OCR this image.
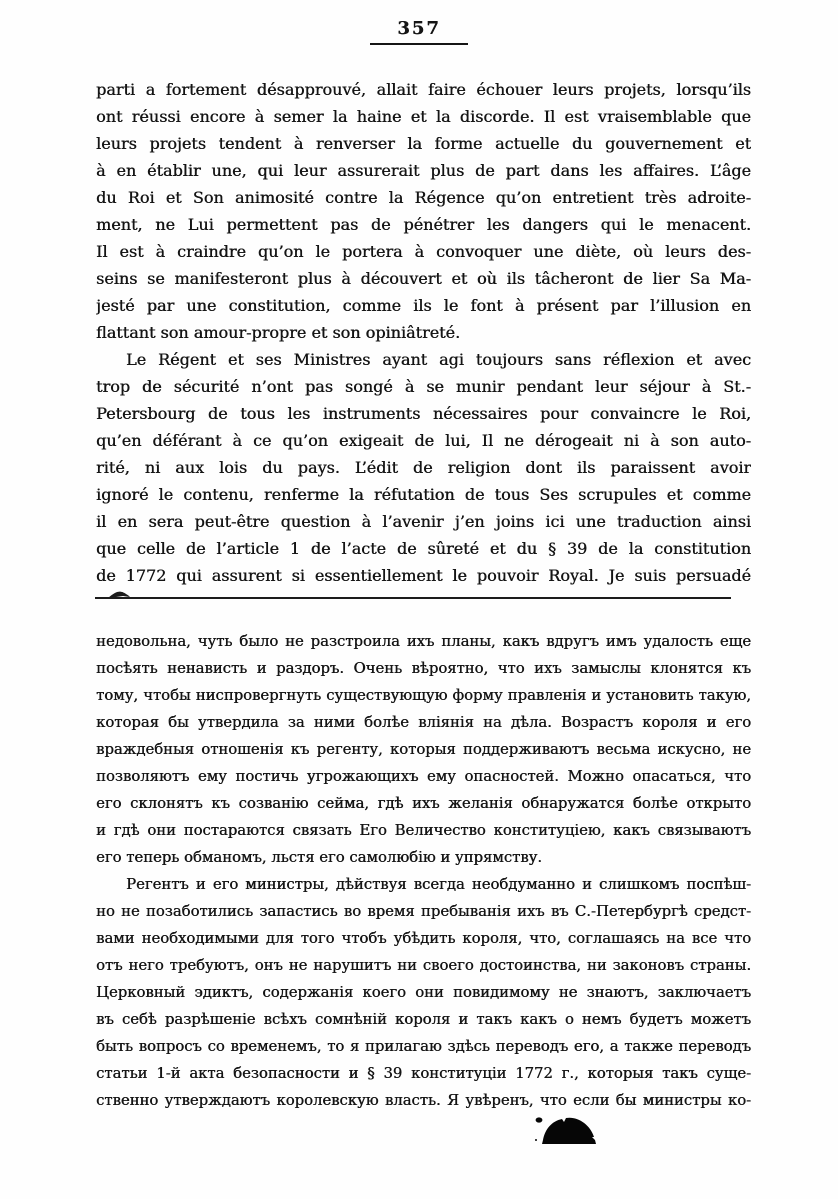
357
parti a fortement désapprouvé, allait faire échouer leurs projets, lorsqu’ils
ont réussi encore à semer la haine et la discorde. Il est vraisemblable que
leurs projets tendent à renverser la forme actuelle du gouvernement et
à en établir une, qui leur assurerait plus de part dans les affaires. L’âge
du Roi et Son animosité contre la Régence qu’on entretient très adroite-
ment, ne Lui permettent pas de pénétrer les dangers qui le menacent.
Il est à craindre qu’on le portera à convoquer une diète, où leurs des-
seins se manifesteront plus à découvert et où ils tâcheront de lier Sa Ma-
jesté par une constitution, comme ils le font à présent par l’illusion en
flattant son amour-propre et son opiniâtreté.
Le Régent et ses Ministres ayant agi toujours sans réflexion et avec
trop de sécurité n’ont pas songé à se munir pendant leur séjour à St.-
Petersbourg de tous les instruments nécessaires pour convaincre le Roi,
qu’en déférant à ce qu’on exigeait de lui, Il ne dérogeait ni à son auto-
rité, ni aux lois du pays. L’édit de religion dont ils paraissent avoir
ignoré le contenu, renferme la réfutation de tous Ses scrupules et comme
il en sera peut-être question à l’avenir j’en joins ici une traduction ainsi
que celle de l’article 1 de l’acte de sûreté et du § 39 de la constitution
de 1772 qui assurent si essentiellement le pouvoir Royal. Je suis persuadé
недовольна, чуть было не разстроила ихъ планы, какъ вдругъ имъ удалость еще
посѣять ненависть и раздоръ. Очень вѣроятно, что ихъ замыслы клонятся къ
тому, чтобы ниспровергнуть существующую форму правленія и установить такую,
которая бы утвердила за ними болѣе вліянія на дѣла. Возрастъ короля и его
враждебныя отношенія къ регенту, которыя поддерживаютъ весьма искусно, не
позволяютъ ему постичь угрожающихъ ему опасностей. Можно опасаться, что
его склонятъ къ созванію сейма, гдѣ ихъ желанія обнаружатся болѣе открыто
и гдѣ они постараются связать Его Величество конституціею, какъ связываютъ
его теперь обманомъ, льстя его самолюбію и упрямству.
Регентъ и его министры, дѣйствуя всегда необдуманно и слишкомъ поспѣш-
но не позаботились запастись во время пребыванія ихъ въ С.-Петербургѣ средст-
вами необходимыми для того чтобъ убѣдить короля, что, соглашаясь на все что
отъ него требуютъ, онъ не нарушитъ ни своего достоинства, ни законовъ страны.
Церковный эдиктъ, содержанія коего они повидимому не знаютъ, заключаетъ
въ себѣ разрѣшеніе всѣхъ сомнѣній короля и такъ какъ о немъ будетъ можетъ
быть вопросъ со временемъ, то я прилагаю здѣсь переводъ его, а также переводъ
статьи 1-й акта безопасности и § 39 конституціи 1772 г., которыя такъ суще-
ственно утверждаютъ королевскую власть. Я увѣренъ, что если бы министры ко-
